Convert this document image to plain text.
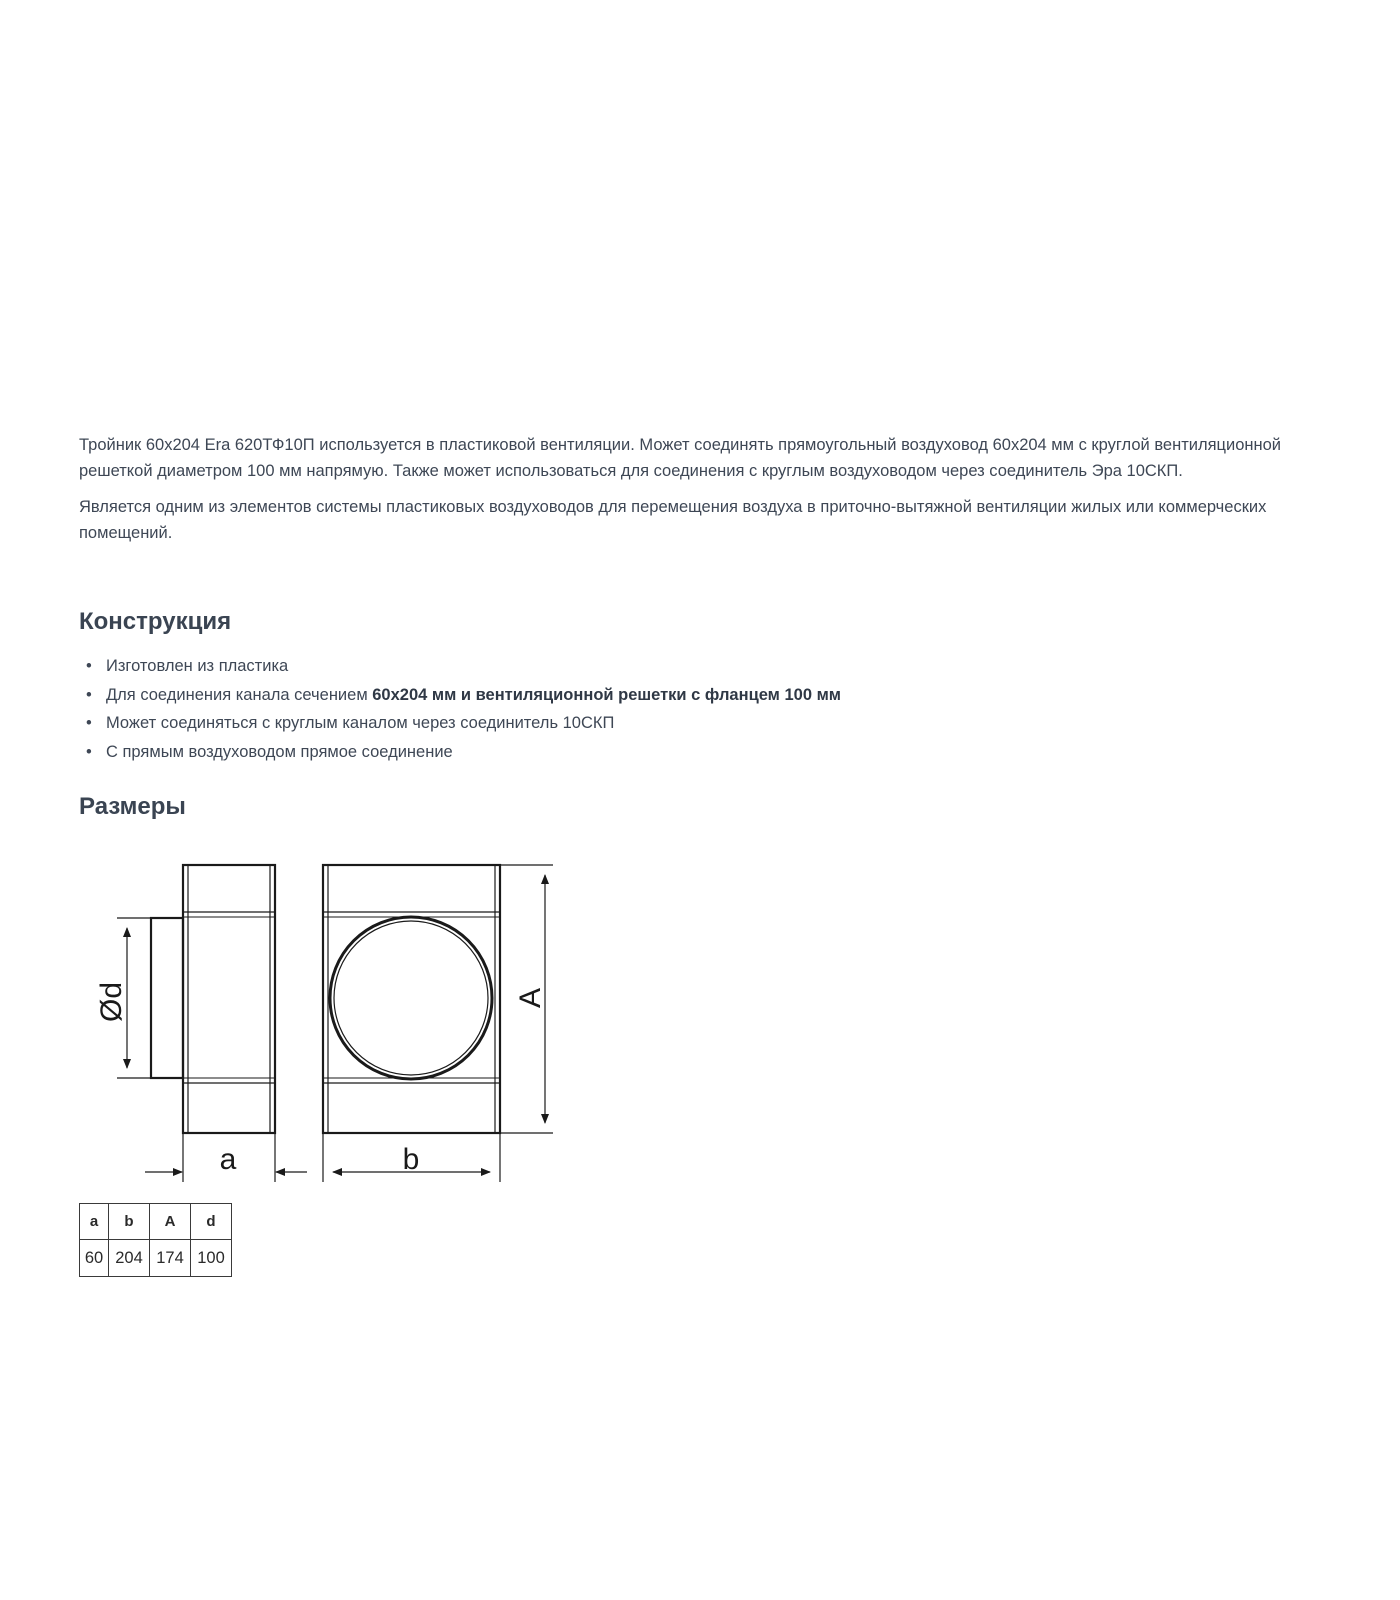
Тройник 60х204 Era 620ТФ10П используется в пластиковой вентиляции. Может соединять прямоугольный воздуховод 60х204 мм с круглой вентиляционной решеткой диаметром 100 мм напрямую. Также может использоваться для соединения с круглым воздуховодом через соединитель Эра 10СКП.

Является одним из элементов системы пластиковых воздуховодов для перемещения воздуха в приточно-вытяжной вентиляции жилых или коммерческих помещений.

Конструкция
• Изготовлен из пластика
• Для соединения канала сечением 60х204 мм и вентиляционной решетки с фланцем 100 мм
• Может соединяться с круглым каналом через соединитель 10СКП
• С прямым воздуховодом прямое соединение
Размеры
Ød
a	b
A
a	b	A	d
60	204	174	100
